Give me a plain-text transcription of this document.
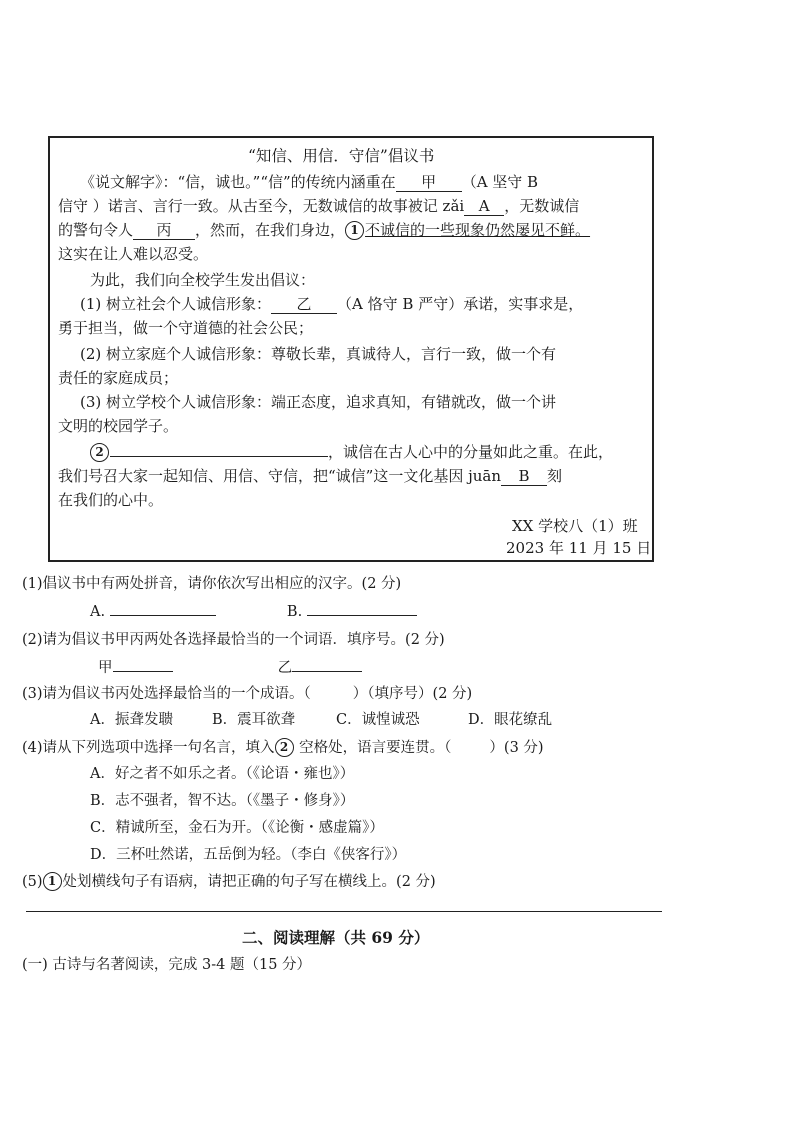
“知信、用信．守信”倡议书
《说文解字》：“信，诚也。”“信”的传统内涵重在 甲 （A 坚守 B
信守 ）诺言、言行一致。从古至今，无数诚信的故事被记 zǎi A ，无数诚信
的警句令人 丙 ，然而，在我们身边， 1 不诚信的一些现象仍然屡见不鲜。
这实在让人难以忍受。
为此，我们向全校学生发出倡议：
(1) 树立社会个人诚信形象： 乙 （A 恪守 B 严守）承诺，实事求是，
勇于担当，做一个守道德的社会公民；
(2) 树立家庭个人诚信形象：尊敬长辈，真诚待人，言行一致，做一个有
责任的家庭成员；
(3) 树立学校个人诚信形象：端正态度，追求真知，有错就改，做一个讲
文明的校园学子。
2	，诚信在古人心中的分量如此之重。在此，
我们号召大家一起知信、用信、守信，把“诚信”这一文化基因 juān B 刻
在我们的心中。
XX 学校八（1）班
2023 年 11 月 15 日
(1)倡议书中有两处拼音，请你依次写出相应的汉字。(2 分)
A.	B.
(2)请为倡议书甲丙两处各选择最恰当的一个词语．填序号。(2 分)
甲	乙
(3)请为倡议书丙处选择最恰当的一个成语。（	）（填序号）(2 分)
A．振聋发聩	B．震耳欲聋	C．诚惶诚恐	D．眼花缭乱
(4)请从下列选项中选择一句名言，填入 2 空格处，语言要连贯。（	）(3 分)
A．好之者不如乐之者。（《论语・雍也》）
B．志不强者，智不达。（《墨子・修身》）
C．精诚所至，金石为开。（《论衡・感虚篇》）
D．三杯吐然诺，五岳倒为轻。（李白《侠客行》）
(5) 1 处划横线句子有语病，请把正确的句子写在横线上。(2 分)
二、阅读理解（共 69 分）
(一) 古诗与名著阅读，完成 3-4 题（15 分）
